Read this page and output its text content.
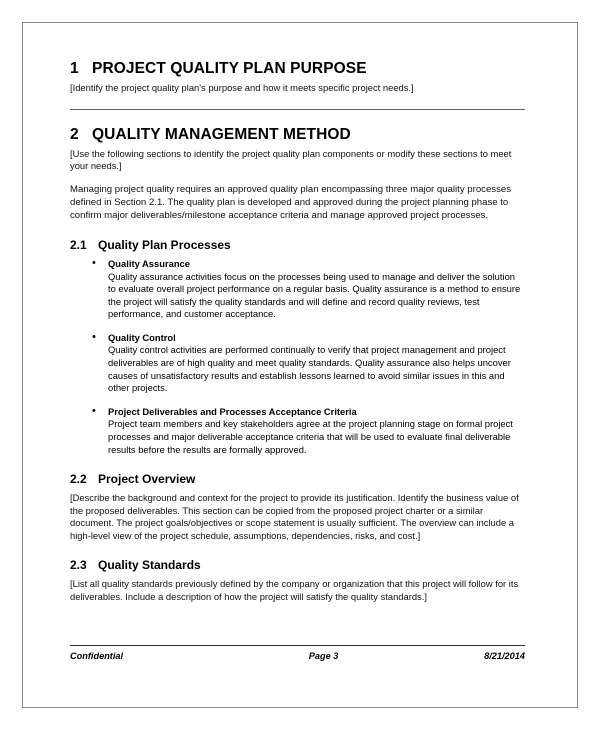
1 PROJECT QUALITY PLAN PURPOSE

[Identify the project quality plan's purpose and how it meets specific project needs.]

2 QUALITY MANAGEMENT METHOD

[Use the following sections to identify the project quality plan components or modify these sections to meet your needs.]

Managing project quality requires an approved quality plan encompassing three major quality processes defined in Section 2.1. The quality plan is developed and approved during the project planning phase to confirm major deliverables/milestone acceptance criteria and manage approved project processes.

2.1 Quality Plan Processes
• Quality Assurance
Quality assurance activities focus on the processes being used to manage and deliver the solution to evaluate overall project performance on a regular basis. Quality assurance is a method to ensure the project will satisfy the quality standards and will define and record quality reviews, test performance, and customer acceptance.
• Quality Control
Quality control activities are performed continually to verify that project management and project deliverables are of high quality and meet quality standards. Quality assurance also helps uncover causes of unsatisfactory results and establish lessons learned to avoid similar issues in this and other projects.
• Project Deliverables and Processes Acceptance Criteria
Project team members and key stakeholders agree at the project planning stage on formal project processes and major deliverable acceptance criteria that will be used to evaluate final deliverable results before the results are formally approved.
2.2 Project Overview

[Describe the background and context for the project to provide its justification. Identify the business value of the proposed deliverables. This section can be copied from the proposed project charter or a similar document. The project goals/objectives or scope statement is usually sufficient. The overview can include a high-level view of the project schedule, assumptions, dependencies, risks, and cost.]

2.3 Quality Standards

[List all quality standards previously defined by the company or organization that this project will follow for its deliverables. Include a description of how the project will satisfy the quality standards.]

Confidential	Page 3	8/21/2014
